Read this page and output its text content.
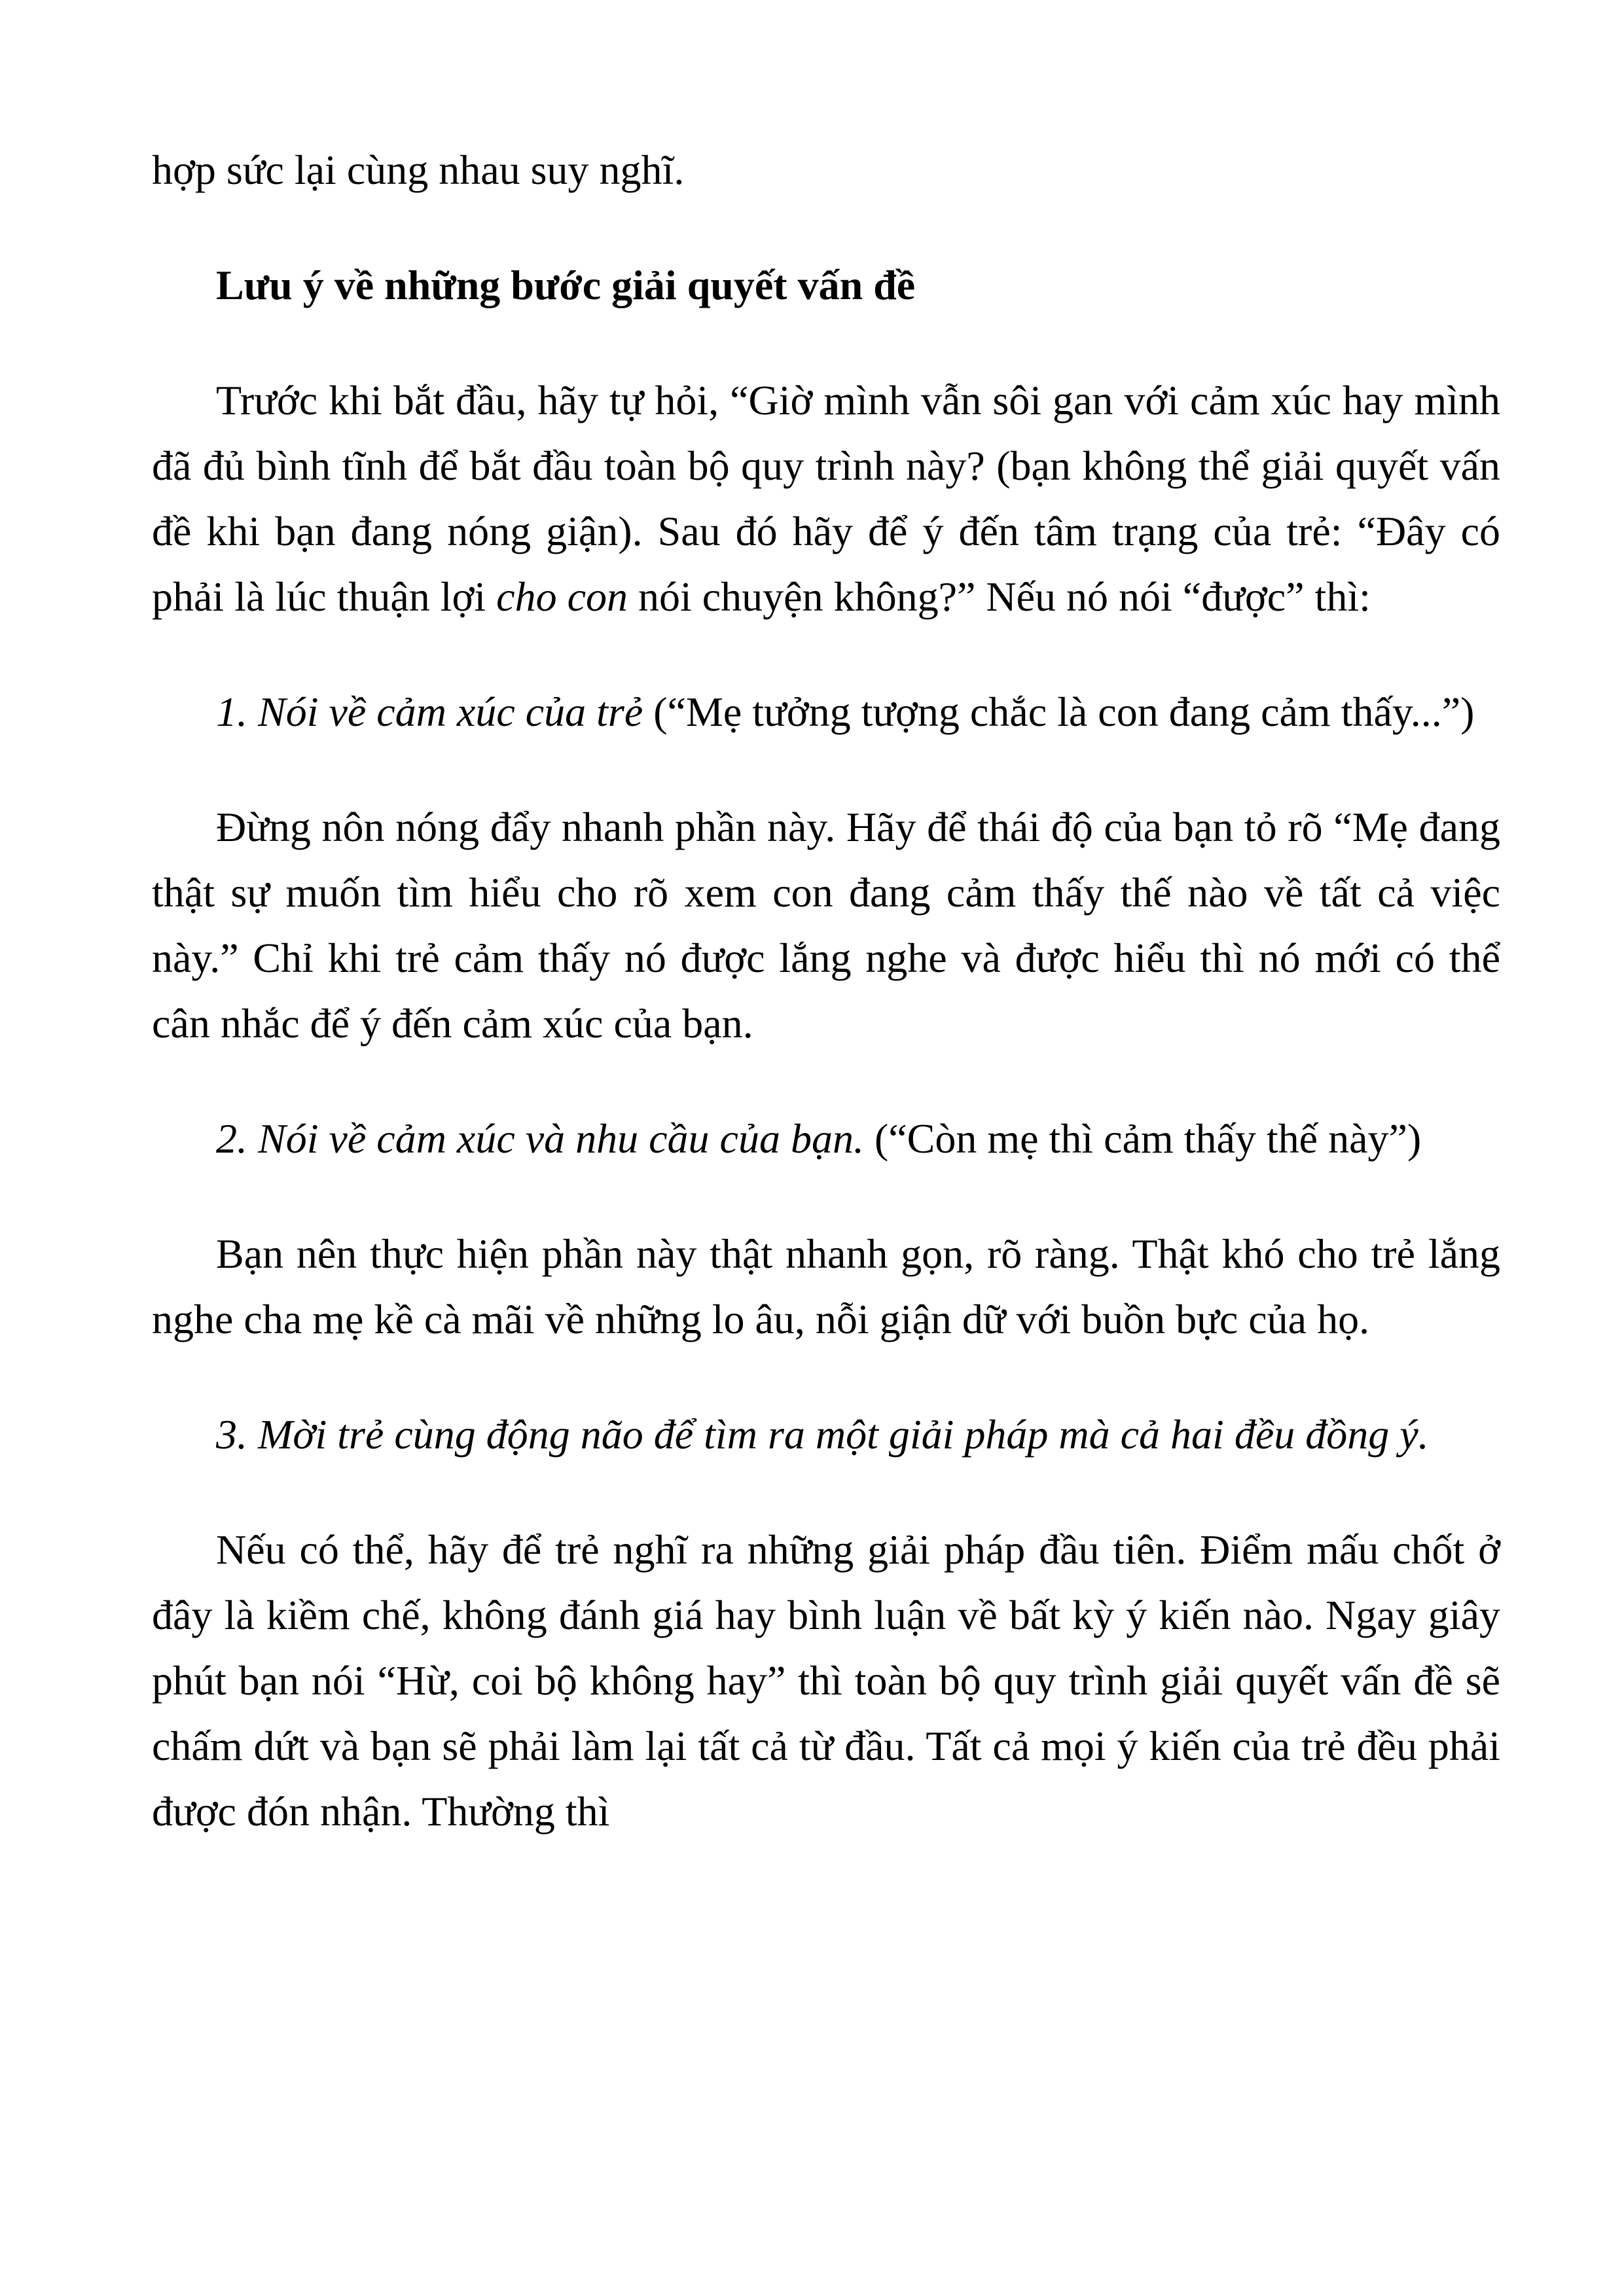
hợp sức lại cùng nhau suy nghĩ.

Lưu ý về những bước giải quyết vấn đề

Trước khi bắt đầu, hãy tự hỏi, “Giờ mình vẫn sôi gan với cảm xúc hay mình đã đủ bình tĩnh để bắt đầu toàn bộ quy trình này? (bạn không thể giải quyết vấn đề khi bạn đang nóng giận). Sau đó hãy để ý đến tâm trạng của trẻ: “Đây có phải là lúc thuận lợi cho con nói chuyện không?” Nếu nó nói “được” thì:

1. Nói về cảm xúc của trẻ (“Mẹ tưởng tượng chắc là con đang cảm thấy...”)

Đừng nôn nóng đẩy nhanh phần này. Hãy để thái độ của bạn tỏ rõ “Mẹ đang thật sự muốn tìm hiểu cho rõ xem con đang cảm thấy thế nào về tất cả việc này.” Chỉ khi trẻ cảm thấy nó được lắng nghe và được hiểu thì nó mới có thể cân nhắc để ý đến cảm xúc của bạn.

2. Nói về cảm xúc và nhu cầu của bạn. (“Còn mẹ thì cảm thấy thế này”)

Bạn nên thực hiện phần này thật nhanh gọn, rõ ràng. Thật khó cho trẻ lắng nghe cha mẹ kề cà mãi về những lo âu, nỗi giận dữ với buồn bực của họ.

3. Mời trẻ cùng động não để tìm ra một giải pháp mà cả hai đều đồng ý.

Nếu có thể, hãy để trẻ nghĩ ra những giải pháp đầu tiên. Điểm mấu chốt ở đây là kiềm chế, không đánh giá hay bình luận về bất kỳ ý kiến nào. Ngay giây phút bạn nói “Hừ, coi bộ không hay” thì toàn bộ quy trình giải quyết vấn đề sẽ chấm dứt và bạn sẽ phải làm lại tất cả từ đầu. Tất cả mọi ý kiến của trẻ đều phải được đón nhận. Thường thì
